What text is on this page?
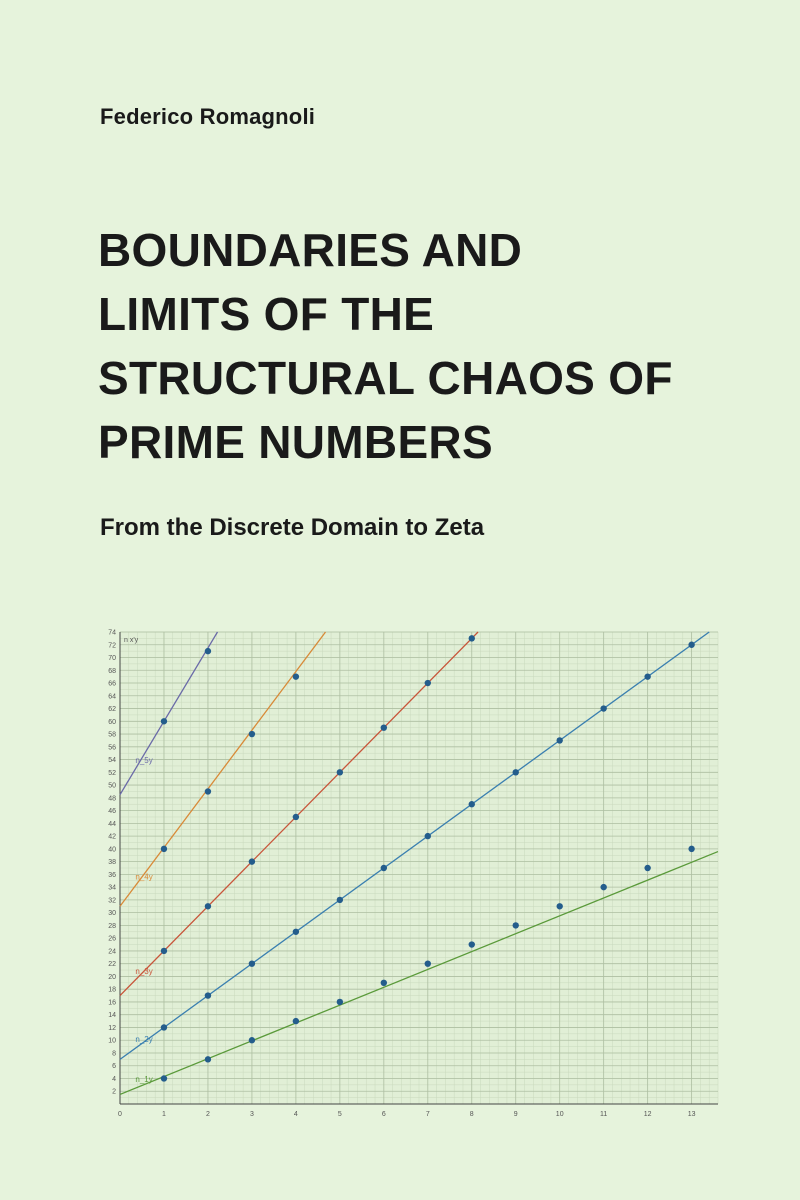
Federico Romagnoli
BOUNDARIES AND
LIMITS OF THE
STRUCTURAL CHAOS OF
PRIME NUMBERS
From the Discrete Domain to Zeta
0	1	2	3	4	5	6	7	8	9	10	11	12	13
2
4
6
8
10
12
14
16
18
20
22
24
26
28
30
32
34
36
38
40
42
44
46
48
50
52
54
56
58
60
62
64
66
68
70
72
74
n x'y
n_1y
n_2y
n_3y
n_4y
n_5y
